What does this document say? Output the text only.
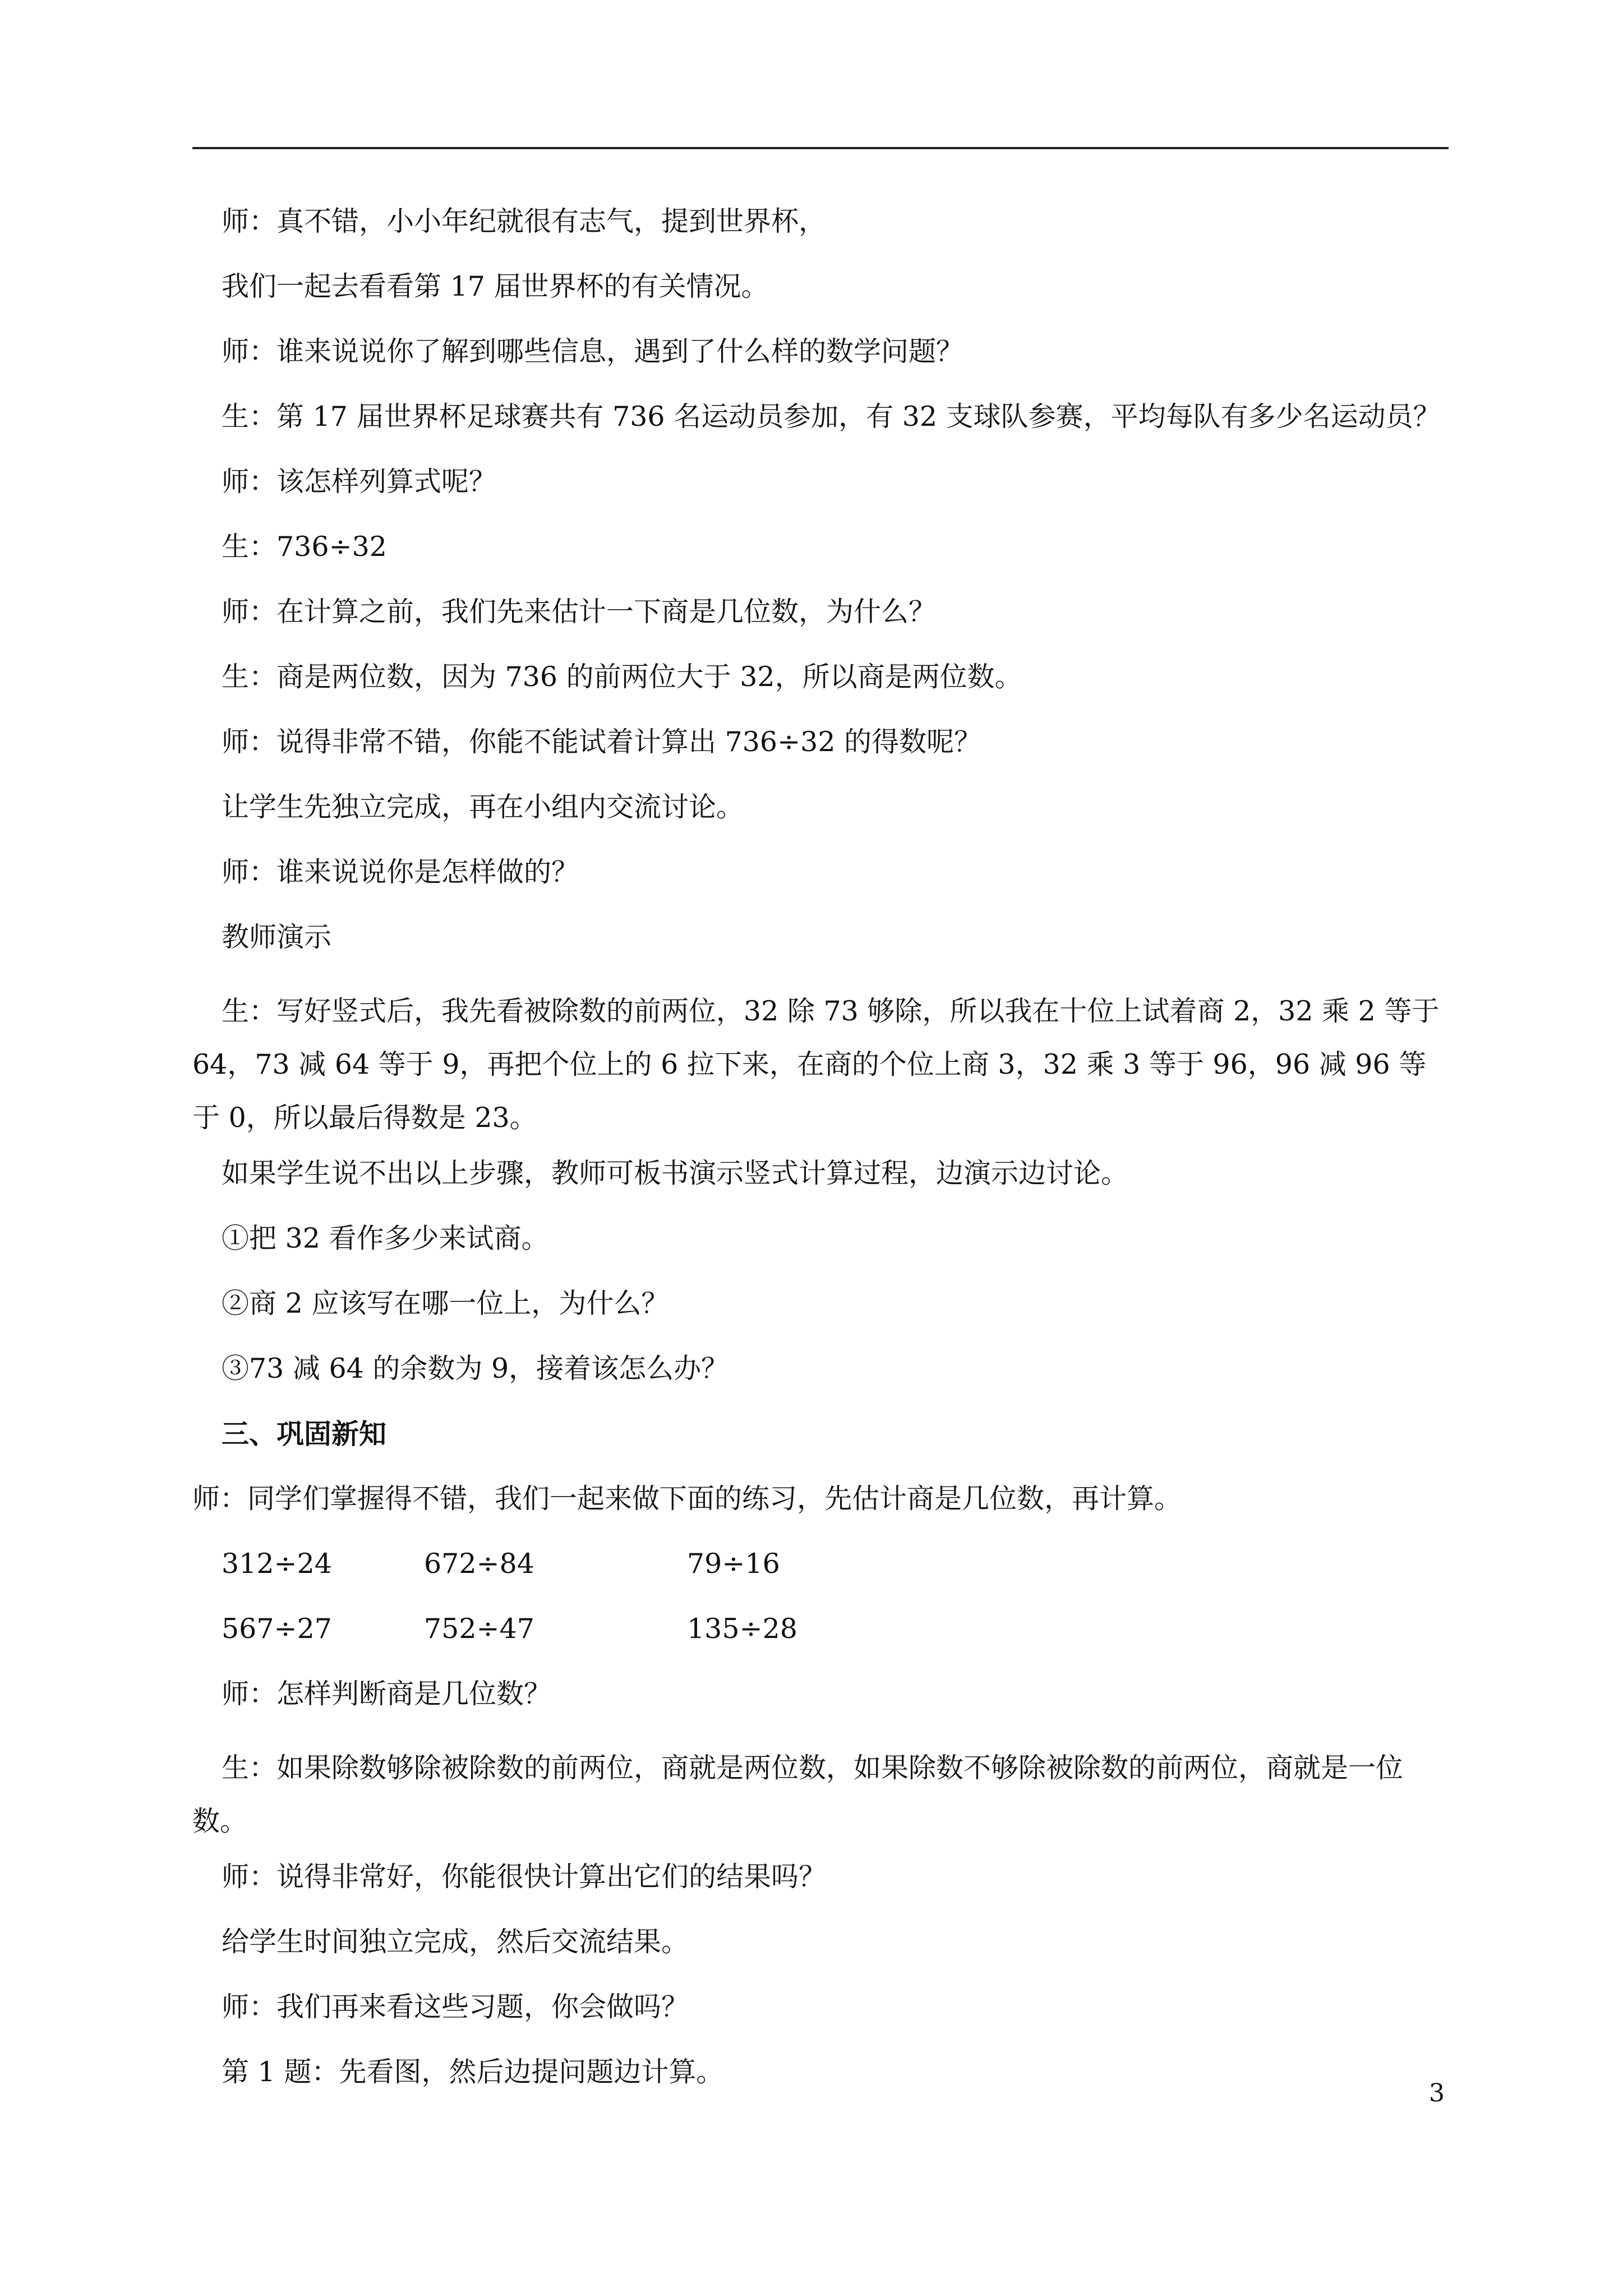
师：真不错，小小年纪就很有志气，提到世界杯，
我们一起去看看第 17 届世界杯的有关情况。
师：谁来说说你了解到哪些信息，遇到了什么样的数学问题？
生：第 17 届世界杯足球赛共有 736 名运动员参加，有 32 支球队参赛，平均每队有多少名运动员？
师：该怎样列算式呢？
生：736÷32
师：在计算之前，我们先来估计一下商是几位数，为什么？
生：商是两位数，因为 736 的前两位大于 32，所以商是两位数。
师：说得非常不错，你能不能试着计算出 736÷32 的得数呢？
让学生先独立完成，再在小组内交流讨论。
师：谁来说说你是怎样做的？
教师演示
生：写好竖式后，我先看被除数的前两位，32 除 73 够除，所以我在十位上试着商 2，32 乘 2 等于 64，73 减 64 等于 9，再把个位上的 6 拉下来，在商的个位上商 3，32 乘 3 等于 96，96 减 96 等于 0，所以最后得数是 23。
如果学生说不出以上步骤，教师可板书演示竖式计算过程，边演示边讨论。
①把 32 看作多少来试商。
②商 2 应该写在哪一位上，为什么？
③73 减 64 的余数为 9，接着该怎么办？
三、巩固新知
师：同学们掌握得不错，我们一起来做下面的练习，先估计商是几位数，再计算。
312÷24	672÷84	79÷16
567÷27	752÷47	135÷28
师：怎样判断商是几位数？
生：如果除数够除被除数的前两位，商就是两位数，如果除数不够除被除数的前两位，商就是一位数。
师：说得非常好，你能很快计算出它们的结果吗？
给学生时间独立完成，然后交流结果。
师：我们再来看这些习题，你会做吗？
第 1 题：先看图，然后边提问题边计算。
3
